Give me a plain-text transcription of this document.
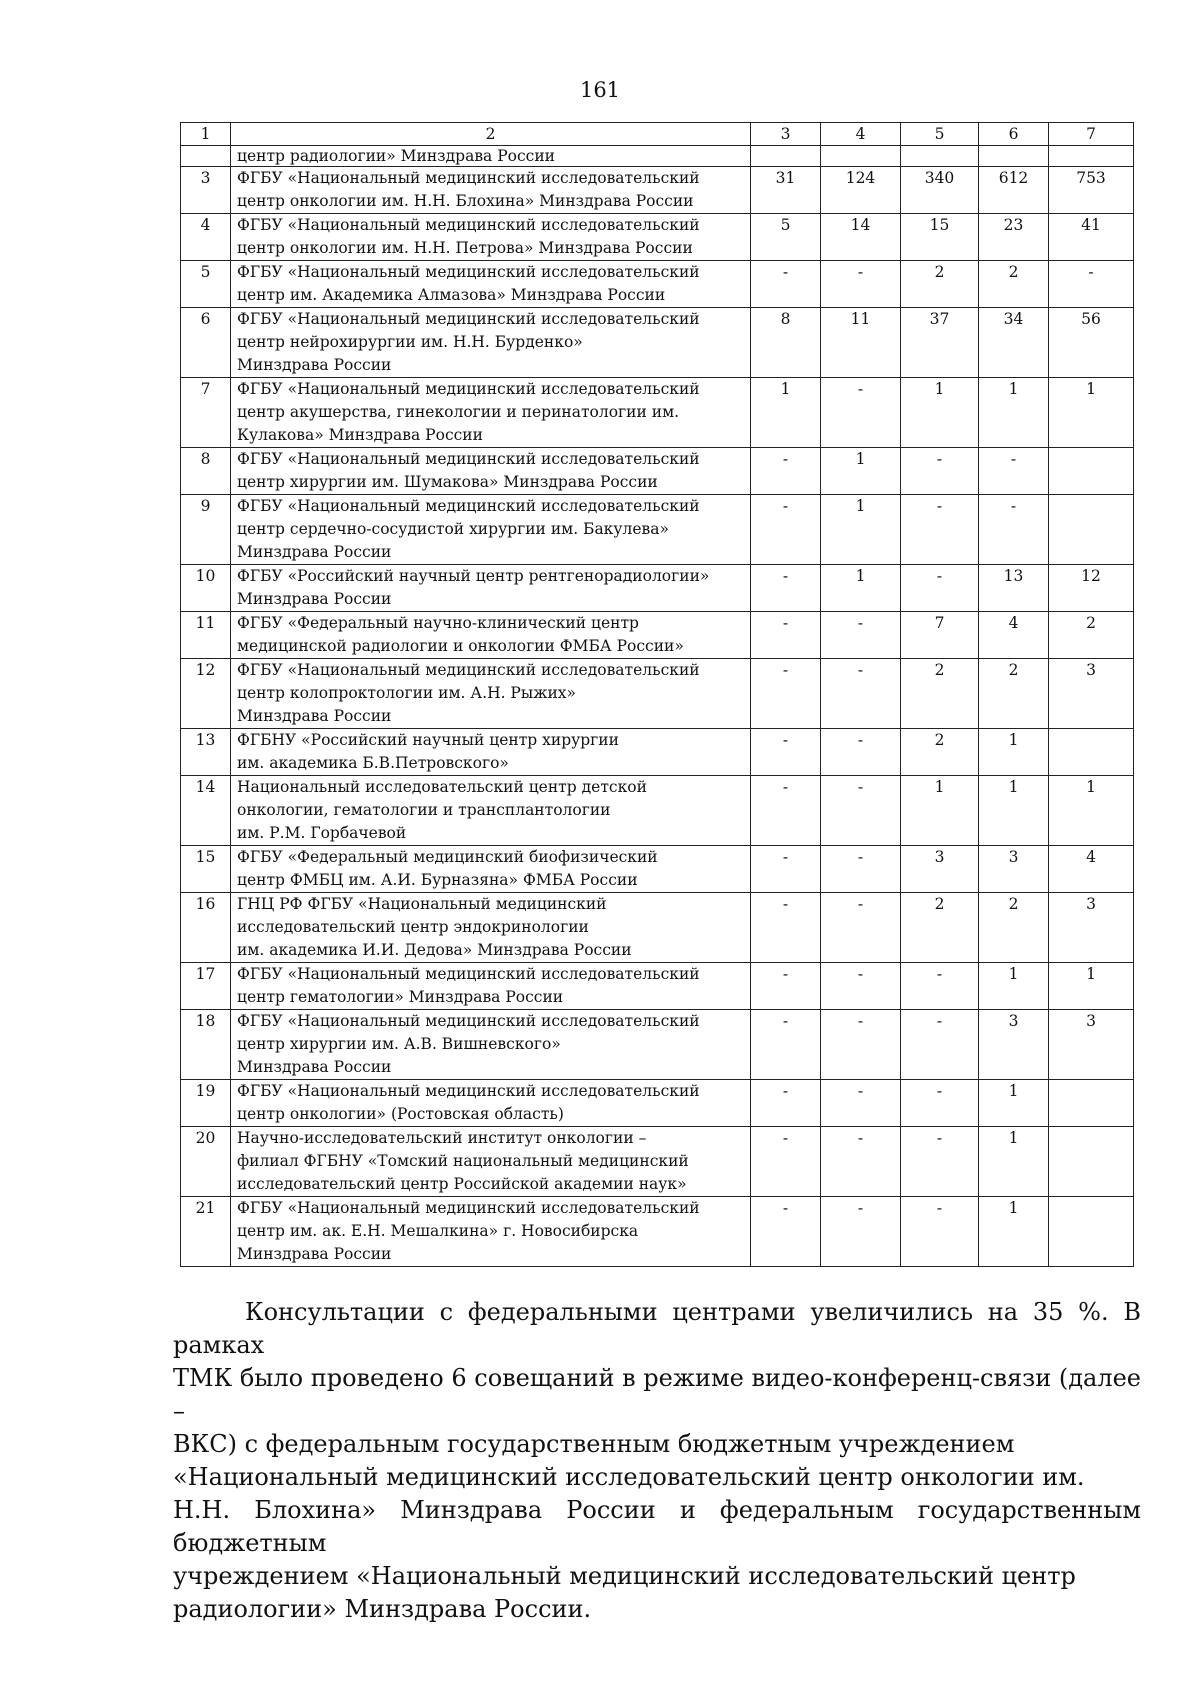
161
1	2	3	4	5	6	7
	центр радиологии» Минздрава России					
3	ФГБУ «Национальный медицинский исследовательский
центр онкологии им. Н.Н. Блохина» Минздрава России	31	124	340	612	753
4	ФГБУ «Национальный медицинский исследовательский
центр онкологии им. Н.Н. Петрова» Минздрава России	5	14	15	23	41
5	ФГБУ «Национальный медицинский исследовательский
центр им. Академика Алмазова» Минздрава России	-	-	2	2	-
6	ФГБУ «Национальный медицинский исследовательский
центр нейрохирургии им. Н.Н. Бурденко»
Минздрава России	8	11	37	34	56
7	ФГБУ «Национальный медицинский исследовательский
центр акушерства, гинекологии и перинатологии им.
Кулакова» Минздрава России	1	-	1	1	1
8	ФГБУ «Национальный медицинский исследовательский
центр хирургии им. Шумакова» Минздрава России	-	1	-	-	
9	ФГБУ «Национальный медицинский исследовательский
центр сердечно-сосудистой хирургии им. Бакулева»
Минздрава России	-	1	-	-	
10	ФГБУ «Российский научный центр рентгенорадиологии»
Минздрава России	-	1	-	13	12
11	ФГБУ «Федеральный научно-клинический центр
медицинской радиологии и онкологии ФМБА России»	-	-	7	4	2
12	ФГБУ «Национальный медицинский исследовательский
центр колопроктологии им. А.Н. Рыжих»
Минздрава России	-	-	2	2	3
13	ФГБНУ «Российский научный центр хирургии
им. академика Б.В.Петровского»	-	-	2	1	
14	Национальный исследовательский центр детской
онкологии, гематологии и трансплантологии
им. Р.М. Горбачевой	-	-	1	1	1
15	ФГБУ «Федеральный медицинский биофизический
центр ФМБЦ им. А.И. Бурназяна» ФМБА России	-	-	3	3	4
16	ГНЦ РФ ФГБУ «Национальный медицинский
исследовательский центр эндокринологии
им. академика И.И. Дедова» Минздрава России	-	-	2	2	3
17	ФГБУ «Национальный медицинский исследовательский
центр гематологии» Минздрава России	-	-	-	1	1
18	ФГБУ «Национальный медицинский исследовательский
центр хирургии им. А.В. Вишневского»
Минздрава России	-	-	-	3	3
19	ФГБУ «Национальный медицинский исследовательский
центр онкологии» (Ростовская область)	-	-	-	1	
20	Научно-исследовательский институт онкологии –
филиал ФГБНУ «Томский национальный медицинский
исследовательский центр Российской академии наук»	-	-	-	1	
21	ФГБУ «Национальный медицинский исследовательский
центр им. ак. Е.Н. Мешалкина» г. Новосибирска
Минздрава России	-	-	-	1	
Консультации с федеральными центрами увеличились на 35 %. В рамках
ТМК было проведено 6 совещаний в режиме видео-конференц-связи (далее –
ВКС) с федеральным государственным бюджетным учреждением
«Национальный медицинский исследовательский центр онкологии им.
Н.Н. Блохина» Минздрава России и федеральным государственным бюджетным
учреждением «Национальный медицинский исследовательский центр
радиологии» Минздрава России.
